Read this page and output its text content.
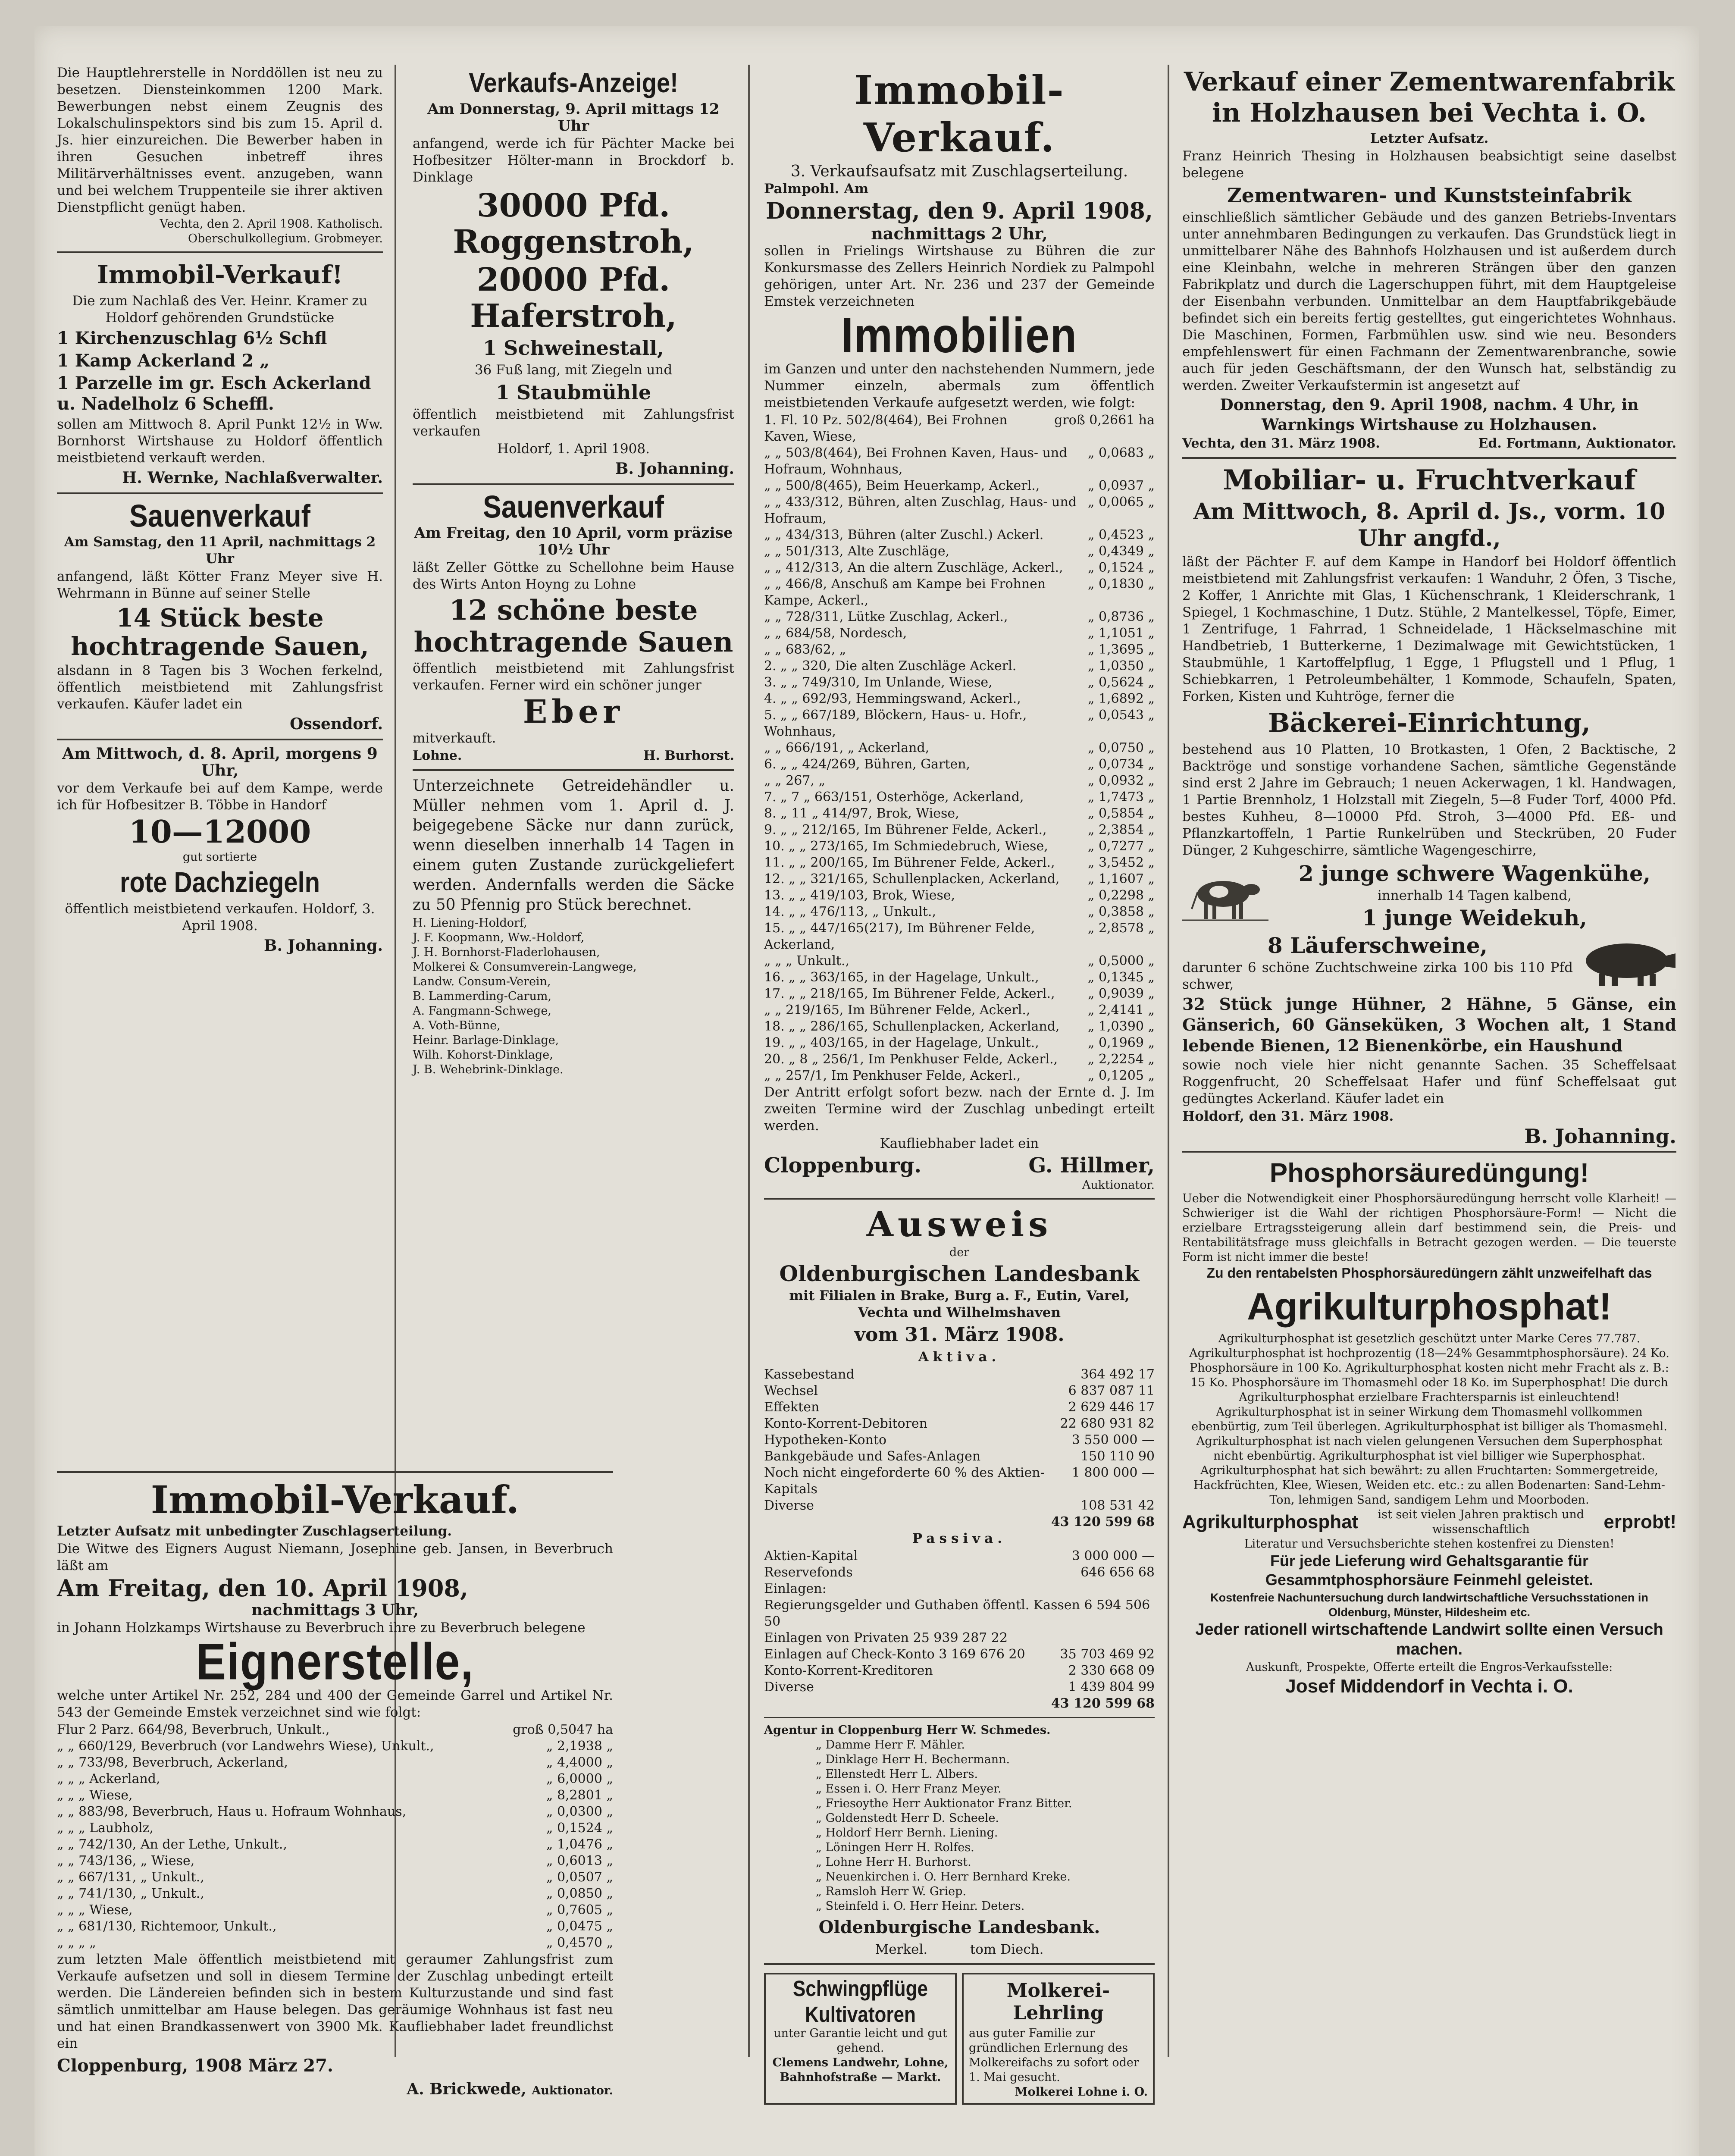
Die Hauptlehrerstelle in Norddöllen ist neu zu besetzen. Diensteinkommen 1200 Mark. Bewerbungen nebst einem Zeugnis des Lokalschulinspektors sind bis zum 15. April d. Js. hier einzureichen. Die Bewerber haben in ihren Gesuchen inbetreff ihres Militärverhältnisses event. anzugeben, wann und bei welchem Truppenteile sie ihrer aktiven Dienstpflicht genügt haben.

Vechta, den 2. April 1908. Katholisch. Oberschulkollegium. Grobmeyer.

Immobil-Verkauf!

Die zum Nachlaß des Ver. Heinr. Kramer zu Holdorf gehörenden Grundstücke

1 Kirchenzuschlag 6½ Schfl

1 Kamp Ackerland 2 „

1 Parzelle im gr. Esch Ackerland u. Nadelholz 6 Scheffl.

sollen am Mittwoch 8. April Punkt 12½ in Ww. Bornhorst Wirtshause zu Holdorf öffentlich meistbietend verkauft werden.

H. Wernke, Nachlaßverwalter.

Sauenverkauf

Am Samstag, den 11 April, nachmittags 2 Uhr

anfangend, läßt Kötter Franz Meyer sive H. Wehrmann in Bünne auf seiner Stelle

14 Stück beste hochtragende Sauen,

alsdann in 8 Tagen bis 3 Wochen ferkelnd, öffentlich meistbietend mit Zahlungsfrist verkaufen. Käufer ladet ein

Ossendorf.

Am Mittwoch, d. 8. April, morgens 9 Uhr,

vor dem Verkaufe bei auf dem Kampe, werde ich für Hofbesitzer B. Többe in Handorf

10—12000

gut sortierte

rote Dachziegeln

öffentlich meistbietend verkaufen. Holdorf, 3. April 1908.

B. Johanning.

Immobil-Verkauf.

Letzter Aufsatz mit unbedingter Zuschlagserteilung.

Die Witwe des Eigners August Niemann, Josephine geb. Jansen, in Beverbruch läßt am

Am Freitag, den 10. April 1908,

nachmittags 3 Uhr,

in Johann Holzkamps Wirtshause zu Beverbruch ihre zu Beverbruch belegene

Eignerstelle,

welche unter Artikel Nr. 252, 284 und 400 der Gemeinde Garrel und Artikel Nr. 543 der Gemeinde Emstek verzeichnet sind wie folgt:

Flur 2 Parz. 664/98, Beverbruch, Unkult.,	groß 0,5047 ha

„ „ 660/129, Beverbruch (vor Landwehrs Wiese), Unkult.,	„ 2,1938 „

„ „ 733/98, Beverbruch, Ackerland,	„ 4,4000 „

„ „ „ Ackerland,	„ 6,0000 „

„ „ „ Wiese,	„ 8,2801 „

„ „ 883/98, Beverbruch, Haus u. Hofraum Wohnhaus,	„ 0,0300 „

„ „ „ Laubholz,	„ 0,1524 „

„ „ 742/130, An der Lethe, Unkult.,	„ 1,0476 „

„ „ 743/136, „ Wiese,	„ 0,6013 „

„ „ 667/131, „ Unkult.,	„ 0,0507 „

„ „ 741/130, „ Unkult.,	„ 0,0850 „

„ „ „ Wiese,	„ 0,7605 „

„ „ 681/130, Richtemoor, Unkult.,	„ 0,0475 „

„ „ „ „	„ 0,4570 „

zum letzten Male öffentlich meistbietend mit geraumer Zahlungsfrist zum Verkaufe aufsetzen und soll in diesem Termine der Zuschlag unbedingt erteilt werden. Die Ländereien befinden sich in bestem Kulturzustande und sind fast sämtlich unmittelbar am Hause belegen. Das geräumige Wohnhaus ist fast neu und hat einen Brandkassenwert von 3900 Mk. Kaufliebhaber ladet freundlichst ein

Cloppenburg, 1908 März 27.

A. Brickwede, Auktionator.

Verkaufs-Anzeige!

Am Donnerstag, 9. April mittags 12 Uhr

anfangend, werde ich für Pächter Macke bei Hofbesitzer Hölter-mann in Brockdorf b. Dinklage

30000 Pfd. Roggenstroh,
20000 Pfd. Haferstroh,

1 Schweinestall,

36 Fuß lang, mit Ziegeln und

1 Staubmühle

öffentlich meistbietend mit Zahlungsfrist verkaufen

Holdorf, 1. April 1908.

B. Johanning.

Sauenverkauf

Am Freitag, den 10 April, vorm präzise 10½ Uhr

läßt Zeller Göttke zu Schellohne beim Hause des Wirts Anton Hoyng zu Lohne

12 schöne beste hochtragende Sauen

öffentlich meistbietend mit Zahlungsfrist verkaufen. Ferner wird ein schöner junger

Eber

mitverkauft.

Lohne.	H. Burhorst.

Unterzeichnete Getreidehändler u. Müller nehmen vom 1. April d. J. beigegebene Säcke nur dann zurück, wenn dieselben innerhalb 14 Tagen in einem guten Zustande zurückgeliefert werden. Andernfalls werden die Säcke zu 50 Pfennig pro Stück berechnet.

H. Liening-Holdorf,

J. F. Koopmann, Ww.-Holdorf,

J. H. Bornhorst-Fladerlohausen,

Molkerei & Consumverein-Langwege,

Landw. Consum-Verein,

B. Lammerding-Carum,

A. Fangmann-Schwege,

A. Voth-Bünne,

Heinr. Barlage-Dinklage,

Wilh. Kohorst-Dinklage,

J. B. Wehebrink-Dinklage.

Immobil-Verkauf.

3. Verkaufsaufsatz mit Zuschlagserteilung.

Palmpohl. Am

Donnerstag, den 9. April 1908,

nachmittags 2 Uhr,

sollen in Frielings Wirtshause zu Bühren die zur Konkursmasse des Zellers Heinrich Nordiek zu Palmpohl gehörigen, unter Art. Nr. 236 und 237 der Gemeinde Emstek verzeichneten

Immobilien

im Ganzen und unter den nachstehenden Nummern, jede Nummer einzeln, abermals zum öffentlich meistbietenden Verkaufe aufgesetzt werden, wie folgt:

1. Fl. 10 Pz. 502/8(464), Bei Frohnen Kaven, Wiese,
groß 0,2661 ha

„ „ 503/8(464), Bei Frohnen Kaven, Haus- und Hofraum, Wohnhaus,
„ 0,0683 „

„ „ 500/8(465), Beim Heuerkamp, Ackerl.,	„ 0,0937 „

„ „ 433/312, Bühren, alten Zuschlag, Haus- und Hofraum,
„ 0,0065 „

„ „ 434/313, Bühren (alter Zuschl.) Ackerl.	„ 0,4523 „

„ „ 501/313, Alte Zuschläge,	„ 0,4349 „

„ „ 412/313, An die altern Zuschläge, Ackerl., „ 0,1524 „

„ „ 466/8, Anschuß am Kampe bei Frohnen Kampe, Ackerl.,
„ 0,1830 „

„ „ 728/311, Lütke Zuschlag, Ackerl.,	„ 0,8736 „

„ „ 684/58, Nordesch,	„ 1,1051 „

„ „ 683/62, „	„ 1,3695 „

2. „ „ 320, Die alten Zuschläge Ackerl.	„ 1,0350 „

3. „ „ 749/310, Im Unlande, Wiese,	„ 0,5624 „

4. „ „ 692/93, Hemmingswand, Ackerl.,	„ 1,6892 „

5. „ „ 667/189, Blöckern, Haus- u. Hofr., Wohnhaus,
„ 0,0543 „

„ „ 666/191, „ Ackerland,	„ 0,0750 „

6. „ „ 424/269, Bühren, Garten,	„ 0,0734 „

„ „ 267, „	„ 0,0932 „

7. „ 7 „ 663/151, Osterhöge, Ackerland,	„ 1,7473 „

8. „ 11 „ 414/97, Brok, Wiese,	„ 0,5854 „

9. „ „ 212/165, Im Bührener Felde, Ackerl.,	„ 2,3854 „

10. „ „ 273/165, Im Schmiedebruch, Wiese,	„ 0,7277 „

11. „ „ 200/165, Im Bührener Felde, Ackerl.,	„ 3,5452 „

12. „ „ 321/165, Schullenplacken, Ackerland, „ 1,1607 „

13. „ „ 419/103, Brok, Wiese,	„ 0,2298 „

14. „ „ 476/113, „ Unkult.,	„ 0,3858 „

15. „ „ 447/165(217), Im Bührener Felde, Ackerland,
„ 2,8578 „

„ „ „ Unkult.,	„ 0,5000 „

16. „ „ 363/165, in der Hagelage, Unkult.,	„ 0,1345 „

17. „ „ 218/165, Im Bührener Felde, Ackerl.,	„ 0,9039 „

„ „ 219/165, Im Bührener Felde, Ackerl.,	„ 2,4141 „

18. „ „ 286/165, Schullenplacken, Ackerland, „ 1,0390 „

19. „ „ 403/165, in der Hagelage, Unkult.,	„ 0,1969 „

20. „ 8 „ 256/1, Im Penkhuser Felde, Ackerl., „ 2,2254 „

„ „ 257/1, Im Penkhuser Felde, Ackerl.,	„ 0,1205 „

Der Antritt erfolgt sofort bezw. nach der Ernte d. J. Im zweiten Termine wird der Zuschlag unbedingt erteilt werden.

Kaufliebhaber ladet ein

Cloppenburg.	G. Hillmer,

Auktionator.

Ausweis

der

Oldenburgischen Landesbank

mit Filialen in Brake, Burg a. F., Eutin, Varel, Vechta und Wilhelmshaven

vom 31. März 1908.

Aktiva.

Kassebestand	364 492 17

Wechsel	6 837 087 11

Effekten	2 629 446 17

Konto-Korrent-Debitoren	22 680 931 82

Hypotheken-Konto	3 550 000 —

Bankgebäude und Safes-Anlagen	150 110 90

Noch nicht eingeforderte 60 % des Aktien-Kapitals
1 800 000 —

Diverse	108 531 42

43 120 599 68

Passiva.

Aktien-Kapital	3 000 000 —

Reservefonds	646 656 68

Einlagen:

Regierungsgelder und Guthaben öffentl. Kassen 6 594 506 50

Einlagen von Privaten 25 939 287 22

Einlagen auf Check-Konto 3 169 676 20	35 703 469 92

Konto-Korrent-Kreditoren	2 330 668 09

Diverse	1 439 804 99

43 120 599 68

Agentur in Cloppenburg Herr W. Schmedes.

„ Damme Herr F. Mähler.

„ Dinklage Herr H. Bechermann.

„ Ellenstedt Herr L. Albers.

„ Essen i. O. Herr Franz Meyer.

„ Friesoythe Herr Auktionator Franz Bitter.

„ Goldenstedt Herr D. Scheele.

„ Holdorf Herr Bernh. Liening.

„ Löningen Herr H. Rolfes.

„ Lohne Herr H. Burhorst.

„ Neuenkirchen i. O. Herr Bernhard Kreke.

„ Ramsloh Herr W. Griep.

„ Steinfeld i. O. Herr Heinr. Deters.

Oldenburgische Landesbank.

Merkel.          tom Diech.

Schwingpflüge Kultivatoren

unter Garantie leicht und gut gehend.

Clemens Landwehr, Lohne, Bahnhofstraße — Markt.

Molkerei-Lehrling

aus guter Familie zur gründlichen Erlernung des Molkereifachs zu sofort oder 1. Mai gesucht.

Molkerei Lohne i. O.

Verkauf einer Zementwarenfabrik in Holzhausen bei Vechta i. O.

Letzter Aufsatz.

Franz Heinrich Thesing in Holzhausen beabsichtigt seine daselbst belegene

Zementwaren- und Kunststeinfabrik

einschließlich sämtlicher Gebäude und des ganzen Betriebs-Inventars unter annehmbaren Bedingungen zu verkaufen. Das Grundstück liegt in unmittelbarer Nähe des Bahnhofs Holzhausen und ist außerdem durch eine Kleinbahn, welche in mehreren Strängen über den ganzen Fabrikplatz und durch die Lagerschuppen führt, mit dem Hauptgeleise der Eisenbahn verbunden. Unmittelbar an dem Hauptfabrikgebäude befindet sich ein bereits fertig gestelltes, gut eingerichtetes Wohnhaus. Die Maschinen, Formen, Farbmühlen usw. sind wie neu. Besonders empfehlenswert für einen Fachmann der Zementwarenbranche, sowie auch für jeden Geschäftsmann, der den Wunsch hat, selbständig zu werden. Zweiter Verkaufstermin ist angesetzt auf

Donnerstag, den 9. April 1908, nachm. 4 Uhr, in Warnkings Wirtshause zu Holzhausen.

Vechta, den 31. März 1908.	Ed. Fortmann, Auktionator.

Mobiliar- u. Fruchtverkauf
Am Mittwoch, 8. April d. Js., vorm. 10 Uhr angfd.,

läßt der Pächter F. auf dem Kampe in Handorf bei Holdorf öffentlich meistbietend mit Zahlungsfrist verkaufen: 1 Wanduhr, 2 Öfen, 3 Tische, 2 Koffer, 1 Anrichte mit Glas, 1 Küchenschrank, 1 Kleiderschrank, 1 Spiegel, 1 Kochmaschine, 1 Dutz. Stühle, 2 Mantelkessel, Töpfe, Eimer, 1 Zentrifuge, 1 Fahrrad, 1 Schneidelade, 1 Häckselmaschine mit Handbetrieb, 1 Butterkerne, 1 Dezimalwage mit Gewichtstücken, 1 Staubmühle, 1 Kartoffelpflug, 1 Egge, 1 Pflugstell und 1 Pflug, 1 Schiebkarren, 1 Petroleumbehälter, 1 Kommode, Schaufeln, Spaten, Forken, Kisten und Kuhtröge, ferner die

Bäckerei-Einrichtung,

bestehend aus 10 Platten, 10 Brotkasten, 1 Ofen, 2 Backtische, 2 Backtröge und sonstige vorhandene Sachen, sämtliche Gegenstände sind erst 2 Jahre im Gebrauch; 1 neuen Ackerwagen, 1 kl. Handwagen, 1 Partie Brennholz, 1 Holzstall mit Ziegeln, 5—8 Fuder Torf, 4000 Pfd. bestes Kuhheu, 8—10000 Pfd. Stroh, 3—4000 Pfd. Eß- und Pflanzkartoffeln, 1 Partie Runkelrüben und Steckrüben, 20 Fuder Dünger, 2 Kuhgeschirre, sämtliche Wagengeschirre,

2 junge schwere Wagenkühe,

innerhalb 14 Tagen kalbend,

1 junge Weidekuh,
8 Läuferschweine,

darunter 6 schöne Zuchtschweine zirka 100 bis 110 Pfd schwer,

32 Stück junge Hühner, 2 Hähne, 5 Gänse, ein Gänserich, 60 Gänseküken, 3 Wochen alt, 1 Stand lebende Bienen, 12 Bienenkörbe, ein Haushund

sowie noch viele hier nicht genannte Sachen. 35 Scheffelsaat Roggenfrucht, 20 Scheffelsaat Hafer und fünf Scheffelsaat gut gedüngtes Ackerland. Käufer ladet ein

Holdorf, den 31. März 1908.

B. Johanning.

Phosphorsäuredüngung!

Ueber die Notwendigkeit einer Phosphorsäuredüngung herrscht volle Klarheit! — Schwieriger ist die Wahl der richtigen Phosphorsäure-Form! — Nicht die erzielbare Ertragssteigerung allein darf bestimmend sein, die Preis- und Rentabilitätsfrage muss gleichfalls in Betracht gezogen werden. — Die teuerste Form ist nicht immer die beste!

Zu den rentabelsten Phosphorsäuredüngern zählt unzweifelhaft das

Agrikulturphosphat!

Agrikulturphosphat ist gesetzlich geschützt unter Marke Ceres 77.787. Agrikulturphosphat ist hochprozentig (18—24% Gesammtphosphorsäure). 24 Ko. Phosphorsäure in 100 Ko. Agrikulturphosphat kosten nicht mehr Fracht als z. B.: 15 Ko. Phosphorsäure im Thomasmehl oder 18 Ko. im Superphosphat! Die durch Agrikulturphosphat erzielbare Frachtersparnis ist einleuchtend!

Agrikulturphosphat ist in seiner Wirkung dem Thomasmehl vollkommen ebenbürtig, zum Teil überlegen. Agrikulturphosphat ist billiger als Thomasmehl. Agrikulturphosphat ist nach vielen gelungenen Versuchen dem Superphosphat nicht ebenbürtig. Agrikulturphosphat ist viel billiger wie Superphosphat. Agrikulturphosphat hat sich bewährt: zu allen Fruchtarten: Sommergetreide, Hackfrüchten, Klee, Wiesen, Weiden etc. etc.: zu allen Bodenarten: Sand-Lehm-Ton, lehmigen Sand, sandigem Lehm und Moorboden.

Agrikulturphosphat	ist seit vielen Jahren praktisch und wissenschaftlich	erprobt!

Literatur und Versuchsberichte stehen kostenfrei zu Diensten!

Für jede Lieferung wird Gehaltsgarantie für Gesammtphosphorsäure Feinmehl geleistet.

Kostenfreie Nachuntersuchung durch landwirtschaftliche Versuchsstationen in Oldenburg, Münster, Hildesheim etc.

Jeder rationell wirtschaftende Landwirt sollte einen Versuch machen.

Auskunft, Prospekte, Offerte erteilt die Engros-Verkaufsstelle:

Josef Middendorf in Vechta i. O.
